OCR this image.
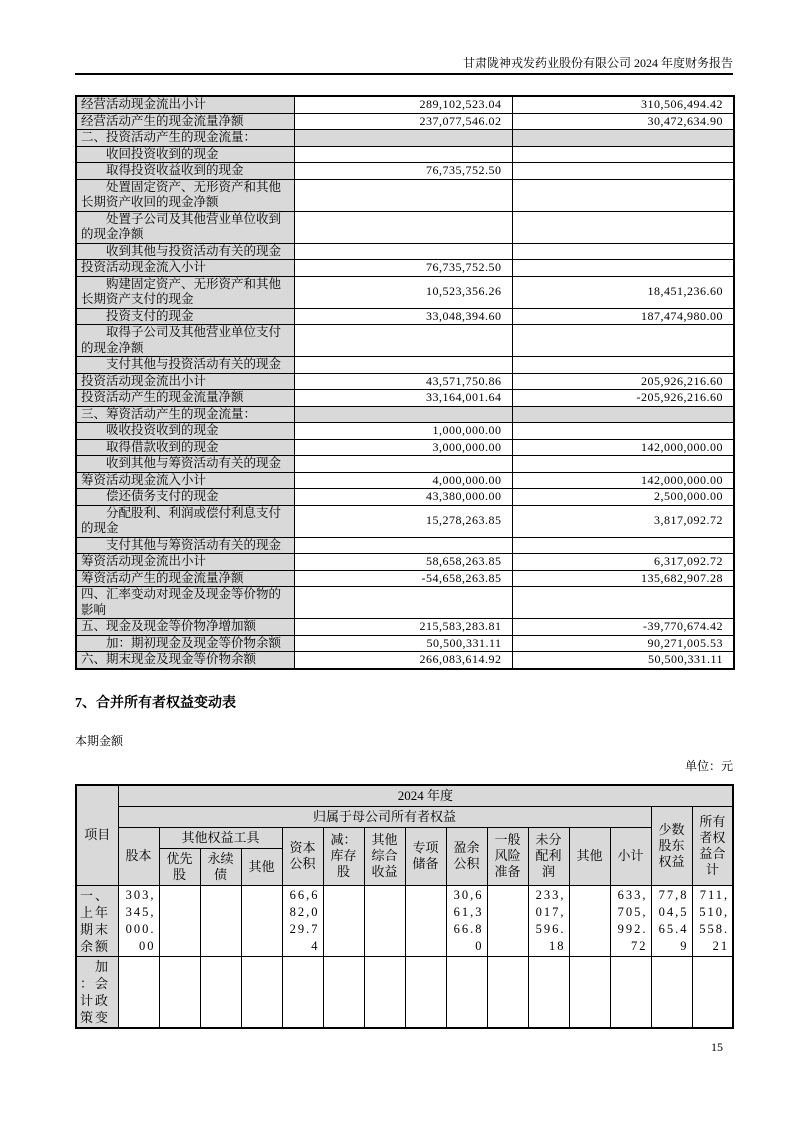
甘肃陇神戎发药业股份有限公司 2024 年度财务报告
经营活动现金流出小计	289,102,523.04	310,506,494.42
经营活动产生的现金流量净额	237,077,546.02	30,472,634.90
二、投资活动产生的现金流量：		
收回投资收到的现金		
取得投资收益收到的现金	76,735,752.50	
处置固定资产、无形资产和其他长期资产收回的现金净额		
处置子公司及其他营业单位收到的现金净额		
收到其他与投资活动有关的现金		
投资活动现金流入小计	76,735,752.50	
购建固定资产、无形资产和其他长期资产支付的现金	10,523,356.26	18,451,236.60
投资支付的现金	33,048,394.60	187,474,980.00
取得子公司及其他营业单位支付的现金净额		
支付其他与投资活动有关的现金		
投资活动现金流出小计	43,571,750.86	205,926,216.60
投资活动产生的现金流量净额	33,164,001.64	-205,926,216.60
三、筹资活动产生的现金流量：		
吸收投资收到的现金	1,000,000.00	
取得借款收到的现金	3,000,000.00	142,000,000.00
收到其他与筹资活动有关的现金		
筹资活动现金流入小计	4,000,000.00	142,000,000.00
偿还债务支付的现金	43,380,000.00	2,500,000.00
分配股利、利润或偿付利息支付的现金	15,278,263.85	3,817,092.72
支付其他与筹资活动有关的现金		
筹资活动现金流出小计	58,658,263.85	6,317,092.72
筹资活动产生的现金流量净额	-54,658,263.85	135,682,907.28
四、汇率变动对现金及现金等价物的影响		
五、现金及现金等价物净增加额	215,583,283.81	-39,770,674.42
加：期初现金及现金等价物余额	50,500,331.11	90,271,005.53
六、期末现金及现金等价物余额	266,083,614.92	50,500,331.11
7、合并所有者权益变动表
本期金额
单位：元
项目	2024 年度														
	归属于母公司所有者权益													少数股东权益	所有者权益合计
	股本	其他权益工具			资本公积	减：库存股	其他综合收益	专项储备	盈余公积	一般风险准备	未分配利润	其他	小计		
		优先股	永续债	其他											
一、上年期末余额	303,345,000.00				66,682,029.74				30,661,366.80		233,017,596.18		633,705,992.72	77,804,565.49	711,510,558.21
　加：会计政策变															
15
